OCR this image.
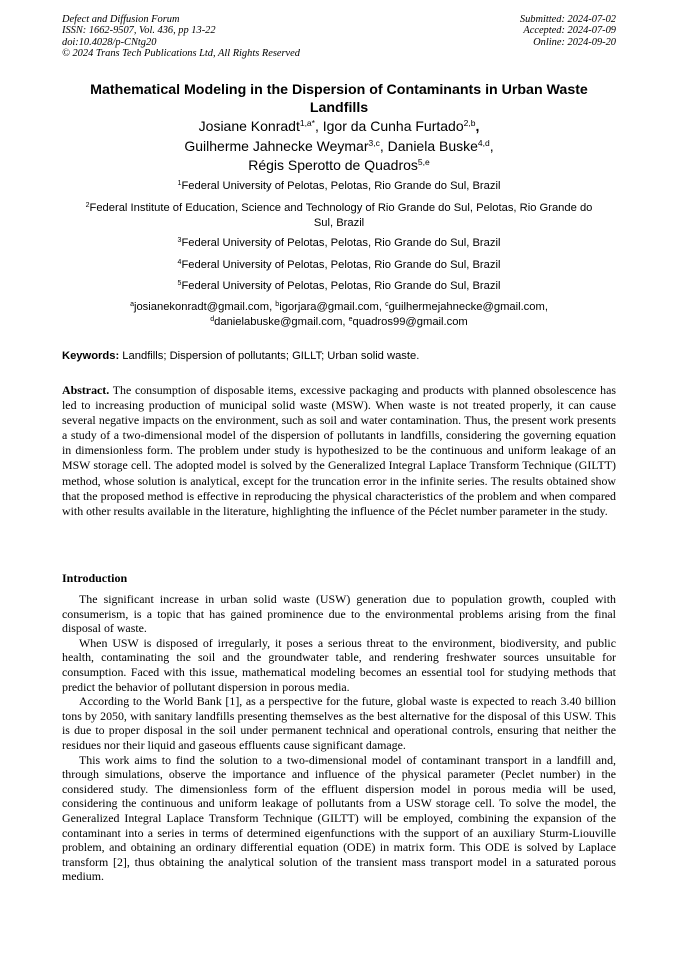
Defect and Diffusion Forum
ISSN: 1662-9507, Vol. 436, pp 13-22
doi:10.4028/p-CNtg20
© 2024 Trans Tech Publications Ltd, All Rights Reserved
Submitted: 2024-07-02
Accepted: 2024-07-09
Online: 2024-09-20
Mathematical Modeling in the Dispersion of Contaminants in Urban Waste Landfills
Josiane Konradt$^{1,a*}$, Igor da Cunha Furtado$^{2,b}$,
Guilherme Jahnecke Weymar$^{3,c}$, Daniela Buske$^{4,d}$,
Régis Sperotto de Quadros$^{5,e}$
$^1$Federal University of Pelotas, Pelotas, Rio Grande do Sul, Brazil
$^2$Federal Institute of Education, Science and Technology of Rio Grande do Sul, Pelotas, Rio Grande do Sul, Brazil
$^3$Federal University of Pelotas, Pelotas, Rio Grande do Sul, Brazil
$^4$Federal University of Pelotas, Pelotas, Rio Grande do Sul, Brazil
$^5$Federal University of Pelotas, Pelotas, Rio Grande do Sul, Brazil
$^a$josianekonradt@gmail.com, $^b$igorjara@gmail.com, $^c$guilhermejahnecke@gmail.com,
$^d$danielabuske@gmail.com, $^e$quadros99@gmail.com
Keywords: Landfills; Dispersion of pollutants; GILLT; Urban solid waste.
Abstract. The consumption of disposable items, excessive packaging and products with planned obsolescence has led to increasing production of municipal solid waste (MSW). When waste is not treated properly, it can cause several negative impacts on the environment, such as soil and water contamination. Thus, the present work presents a study of a two-dimensional model of the dispersion of pollutants in landfills, considering the governing equation in dimensionless form. The problem under study is hypothesized to be the continuous and uniform leakage of an MSW storage cell. The adopted model is solved by the Generalized Integral Laplace Transform Technique (GILTT) method, whose solution is analytical, except for the truncation error in the infinite series. The results obtained show that the proposed method is effective in reproducing the physical characteristics of the problem and when compared with other results available in the literature, highlighting the influence of the Péclet number parameter in the study.
Introduction

The significant increase in urban solid waste (USW) generation due to population growth, coupled with consumerism, is a topic that has gained prominence due to the environmental problems arising from the final disposal of waste.

When USW is disposed of irregularly, it poses a serious threat to the environment, biodiversity, and public health, contaminating the soil and the groundwater table, and rendering freshwater sources unsuitable for consumption. Faced with this issue, mathematical modeling becomes an essential tool for studying methods that predict the behavior of pollutant dispersion in porous media.

According to the World Bank [1], as a perspective for the future, global waste is expected to reach 3.40 billion tons by 2050, with sanitary landfills presenting themselves as the best alternative for the disposal of this USW. This is due to proper disposal in the soil under permanent technical and operational controls, ensuring that neither the residues nor their liquid and gaseous effluents cause significant damage.

This work aims to find the solution to a two-dimensional model of contaminant transport in a landfill and, through simulations, observe the importance and influence of the physical parameter (Peclet number) in the considered study. The dimensionless form of the effluent dispersion model in porous media will be used, considering the continuous and uniform leakage of pollutants from a USW storage cell. To solve the model, the Generalized Integral Laplace Transform Technique (GILTT) will be employed, combining the expansion of the contaminant into a series in terms of determined eigenfunctions with the support of an auxiliary Sturm-Liouville problem, and obtaining an ordinary differential equation (ODE) in matrix form. This ODE is solved by Laplace transform [2], thus obtaining the analytical solution of the transient mass transport model in a saturated porous medium.
